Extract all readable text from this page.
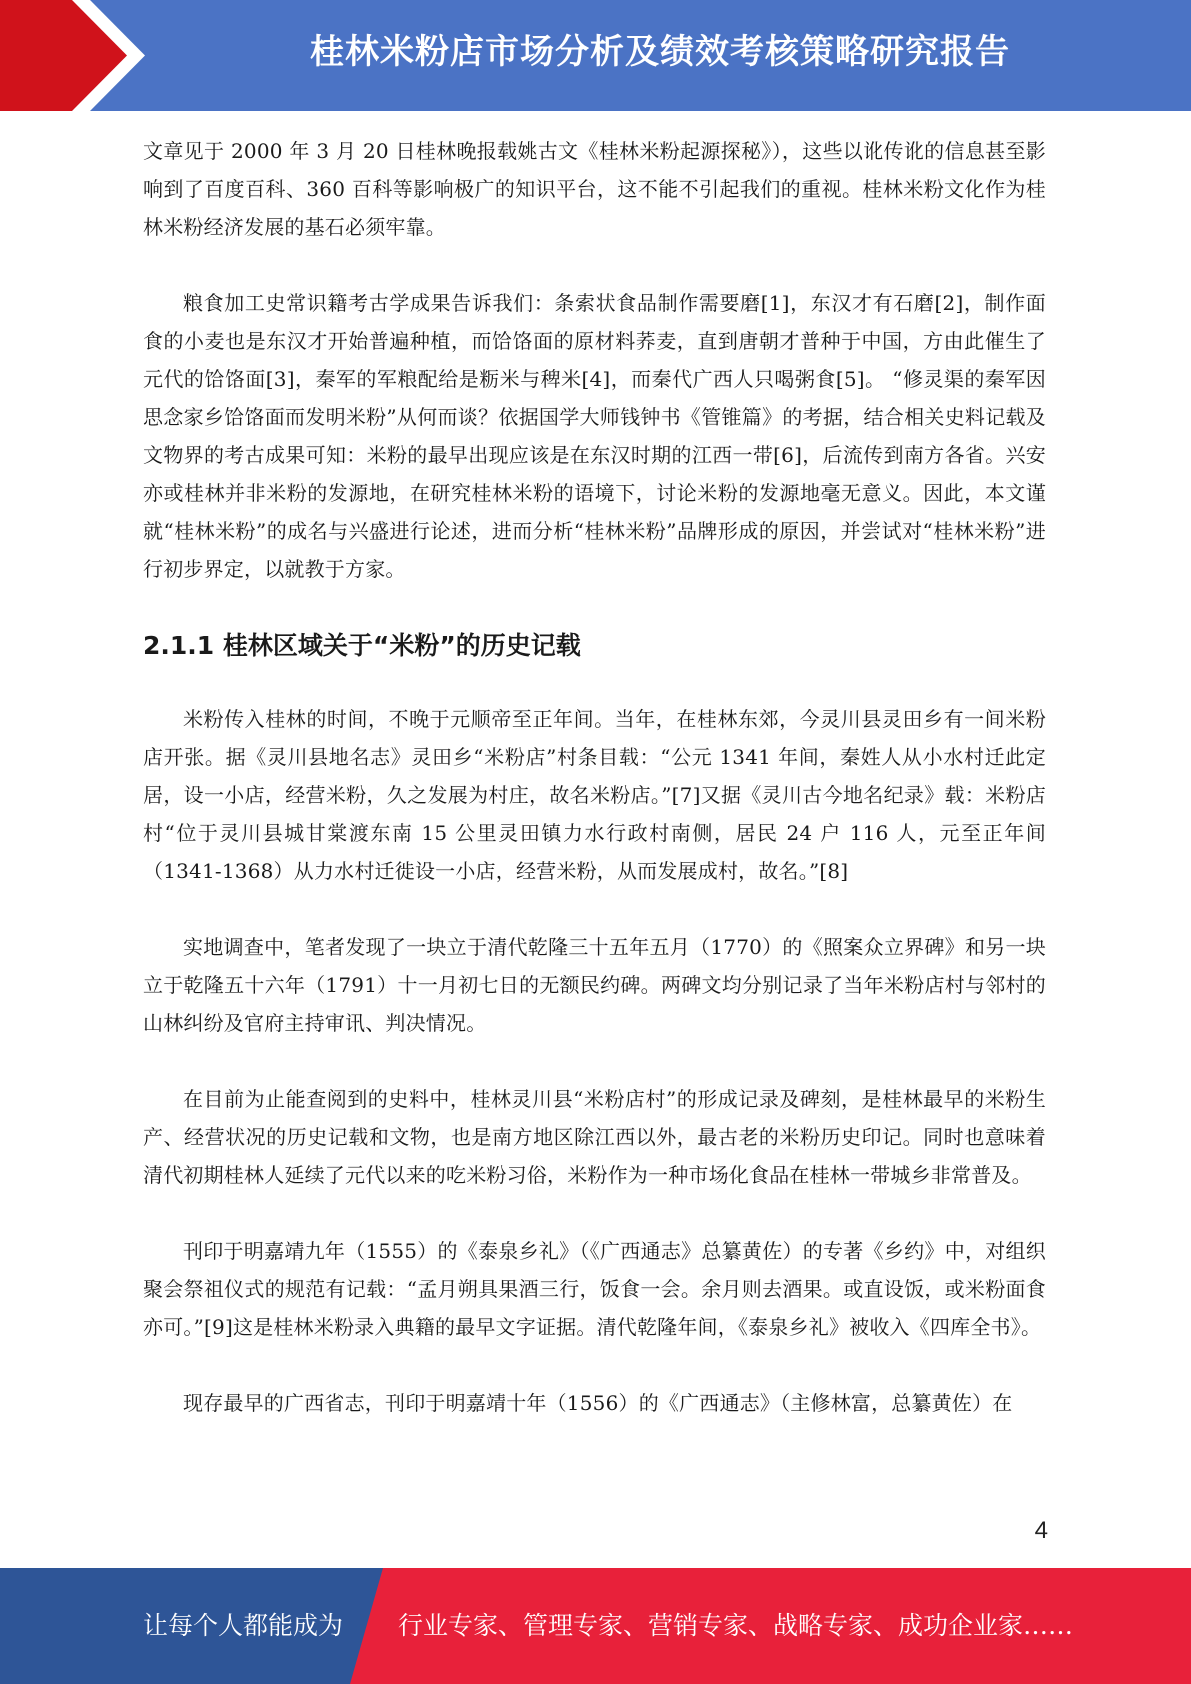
桂林米粉店市场分析及绩效考核策略研究报告

文章见于 2000 年 3 月 20 日桂林晚报载姚古文《桂林米粉起源探秘》），这些以讹传讹的信息甚至影响到了百度百科、360 百科等影响极广的知识平台，这不能不引起我们的重视。桂林米粉文化作为桂林米粉经济发展的基石必须牢靠。

粮食加工史常识籍考古学成果告诉我们：条索状食品制作需要磨[1]，东汉才有石磨[2]，制作面食的小麦也是东汉才开始普遍种植，而饸饹面的原材料荞麦，直到唐朝才普种于中国，方由此催生了元代的饸饹面[3]，秦军的军粮配给是粝米与稗米[4]，而秦代广西人只喝粥食[5]。 “修灵渠的秦军因思念家乡饸饹面而发明米粉”从何而谈？依据国学大师钱钟书《管锥篇》的考据，结合相关史料记载及文物界的考古成果可知：米粉的最早出现应该是在东汉时期的江西一带[6]，后流传到南方各省。兴安亦或桂林并非米粉的发源地，在研究桂林米粉的语境下，讨论米粉的发源地毫无意义。因此，本文谨就“桂林米粉”的成名与兴盛进行论述，进而分析“桂林米粉”品牌形成的原因，并尝试对“桂林米粉”进行初步界定，以就教于方家。

2.1.1 桂林区域关于“米粉”的历史记载

米粉传入桂林的时间，不晚于元顺帝至正年间。当年，在桂林东郊，今灵川县灵田乡有一间米粉店开张。据《灵川县地名志》灵田乡“米粉店”村条目载：“公元 1341 年间，秦姓人从小水村迁此定居，设一小店，经营米粉，久之发展为村庄，故名米粉店。”[7]又据《灵川古今地名纪录》载：米粉店村“位于灵川县城甘棠渡东南 15 公里灵田镇力水行政村南侧，居民 24 户 116 人，元至正年间（1341-1368）从力水村迁徙设一小店，经营米粉，从而发展成村，故名。”[8]

实地调查中，笔者发现了一块立于清代乾隆三十五年五月（1770）的《照案众立界碑》和另一块立于乾隆五十六年（1791）十一月初七日的无额民约碑。两碑文均分别记录了当年米粉店村与邻村的山林纠纷及官府主持审讯、判决情况。

在目前为止能查阅到的史料中，桂林灵川县“米粉店村”的形成记录及碑刻，是桂林最早的米粉生产、经营状况的历史记载和文物，也是南方地区除江西以外，最古老的米粉历史印记。同时也意味着清代初期桂林人延续了元代以来的吃米粉习俗，米粉作为一种市场化食品在桂林一带城乡非常普及。

刊印于明嘉靖九年（1555）的《泰泉乡礼》（《广西通志》总纂黄佐）的专著《乡约》中，对组织聚会祭祖仪式的规范有记载：“孟月朔具果酒三行，饭食一会。余月则去酒果。或直设饭，或米粉面食亦可。”[9]这是桂林米粉录入典籍的最早文字证据。清代乾隆年间，《泰泉乡礼》被收入《四库全书》。

现存最早的广西省志，刊印于明嘉靖十年（1556）的《广西通志》（主修林富，总纂黄佐）在

4
让每个人都能成为 行业专家、管理专家、营销专家、战略专家、成功企业家……
